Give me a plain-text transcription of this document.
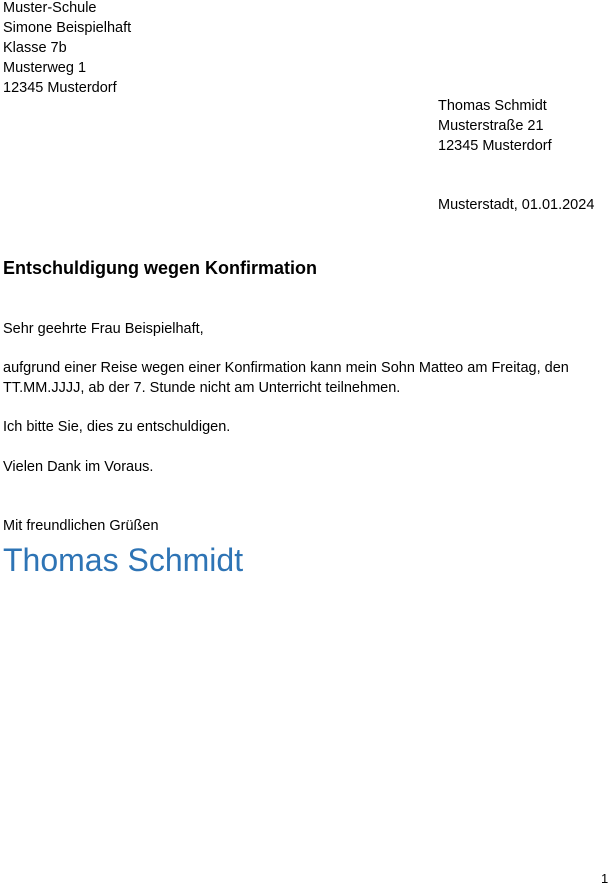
Muster-Schule
Simone Beispielhaft
Klasse 7b
Musterweg 1
12345 Musterdorf
Thomas Schmidt
Musterstraße 21
12345 Musterdorf
Musterstadt, 01.01.2024
Entschuldigung wegen Konfirmation
Sehr geehrte Frau Beispielhaft,
aufgrund einer Reise wegen einer Konfirmation kann mein Sohn Matteo am Freitag, den
TT.MM.JJJJ, ab der 7. Stunde nicht am Unterricht teilnehmen.
Ich bitte Sie, dies zu entschuldigen.
Vielen Dank im Voraus.
Mit freundlichen Grüßen
Thomas Schmidt
1
